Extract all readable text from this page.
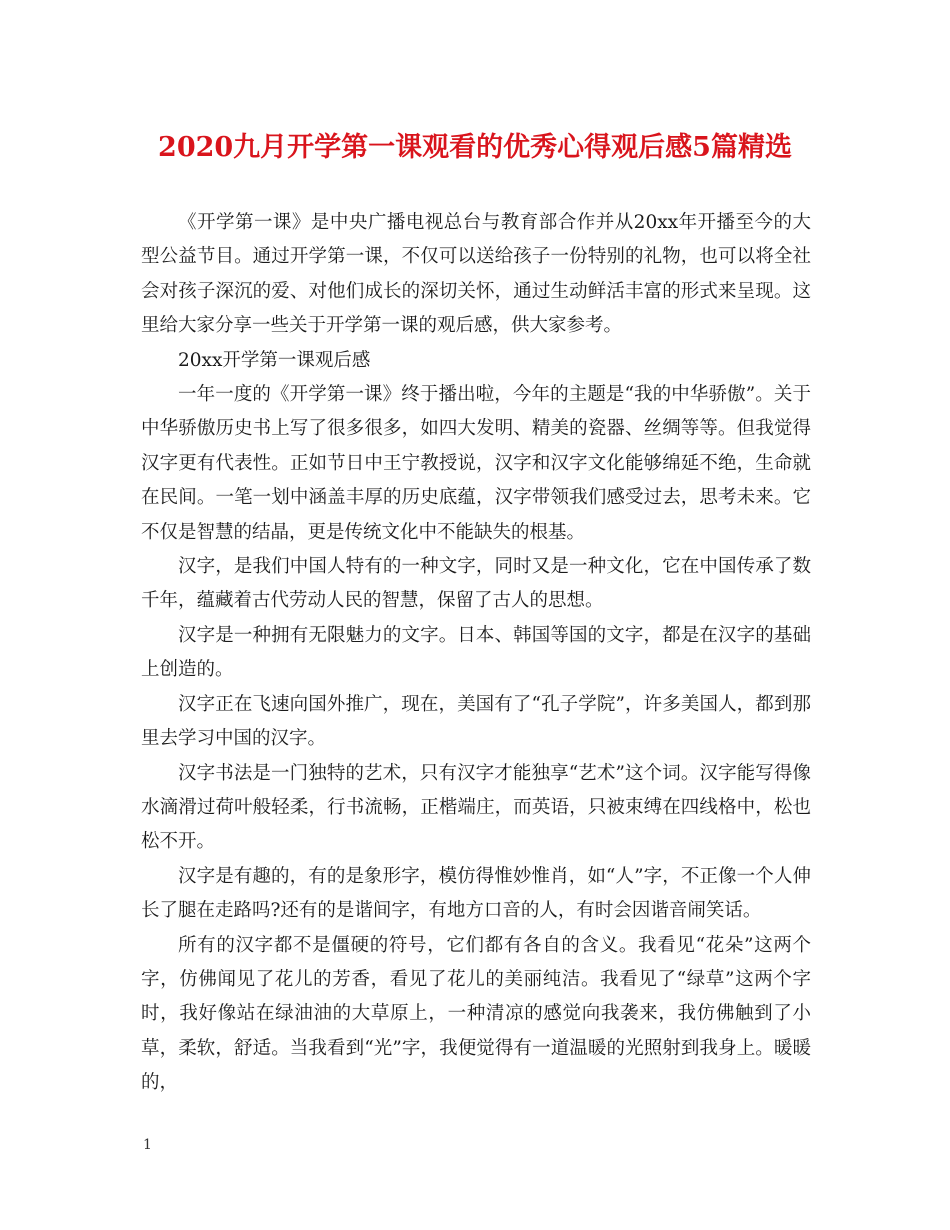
2020九月开学第一课观看的优秀心得观后感5篇精选

《开学第一课》是中央广播电视总台与教育部合作并从20xx年开播至今的大型公益节目。通过开学第一课，不仅可以送给孩子一份特别的礼物，也可以将全社会对孩子深沉的爱、对他们成长的深切关怀，通过生动鲜活丰富的形式来呈现。这里给大家分享一些关于开学第一课的观后感，供大家参考。

20xx开学第一课观后感

一年一度的《开学第一课》终于播出啦，今年的主题是“我的中华骄傲”。关于中华骄傲历史书上写了很多很多，如四大发明、精美的瓷器、丝绸等等。但我觉得汉字更有代表性。正如节日中王宁教授说，汉字和汉字文化能够绵延不绝，生命就在民间。一笔一划中涵盖丰厚的历史底蕴，汉字带领我们感受过去，思考未来。它不仅是智慧的结晶，更是传统文化中不能缺失的根基。

汉字，是我们中国人特有的一种文字，同时又是一种文化，它在中国传承了数千年，蕴藏着古代劳动人民的智慧，保留了古人的思想。

汉字是一种拥有无限魅力的文字。日本、韩国等国的文字，都是在汉字的基础上创造的。

汉字正在飞速向国外推广，现在，美国有了“孔子学院”，许多美国人，都到那里去学习中国的汉字。

汉字书法是一门独特的艺术，只有汉字才能独享“艺术”这个词。汉字能写得像水滴滑过荷叶般轻柔，行书流畅，正楷端庄，而英语，只被束缚在四线格中，松也松不开。

汉字是有趣的，有的是象形字，模仿得惟妙惟肖，如“人”字，不正像一个人伸长了腿在走路吗?还有的是谐间字，有地方口音的人，有时会因谐音闹笑话。

所有的汉字都不是僵硬的符号，它们都有各自的含义。我看见“花朵”这两个字，仿佛闻见了花儿的芳香，看见了花儿的美丽纯洁。我看见了“绿草”这两个字时，我好像站在绿油油的大草原上，一种清凉的感觉向我袭来，我仿佛触到了小草，柔软，舒适。当我看到“光”字，我便觉得有一道温暖的光照射到我身上。暖暖的，

1
